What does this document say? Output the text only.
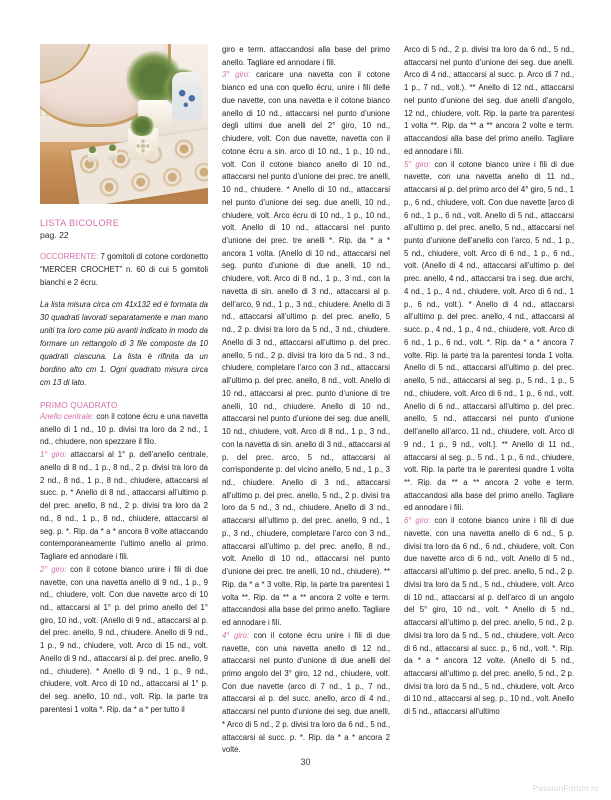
LISTA BICOLORE
pag. 22

OCCORRENTE: 7 gomitoli di cotone cordonetto “MERCER CROCHET” n. 60 di cui 5 gomitoli bianchi e 2 écru.

La lista misura circa cm 41x132 ed è formata da 30 quadrati lavorati separatamente e man mano uniti tra loro come più avanti indicato in modo da formare un rettangolo di 3 file composte da 10 quadrati ciascuna. La lista è rifinita da un bordino alto cm 1. Ogni quadrato misura circa cm 13 di lato.

PRIMO QUADRATO

Anello centrale: con il cotone écru e una navetta anello di 1 nd., 10 p. divisi tra loro da 2 nd., 1 nd., chiudere, non spezzare il filo.

1° giro: attaccarsi al 1° p. dell’anello centrale, anello di 8 nd., 1 p., 8 nd., 2 p. divisi tra loro da 2 nd., 8 nd., 1 p., 8 nd., chiudere, attaccarsi al succ. p. * Anello di 8 nd., attaccarsi all’ultimo p. del prec. anello, 8 nd., 2 p. divisi tra loro da 2 nd., 8 nd., 1 p., 8 nd., chiudere, attaccarsi al seg. p. *. Rip. da * a * ancora 8 volte attaccando contemporaneamente l’ultimo anello al primo. Tagliare ed annodare i fili.

2° giro: con il cotone bianco unire i fili di due navette, con una navetta anello di 9 nd., 1 p., 9 nd., chiudere, volt. Con due navette arco di 10 nd., attaccarsi al 1° p. del primo anello del 1° giro, 10 nd., volt. (Anello di 9 nd., attaccarsi al p. del prec. anello, 9 nd., chiudere. Anello di 9 nd., 1 p., 9 nd., chiudere, volt. Arco di 15 nd., volt. Anello di 9 nd., attaccarsi al p. del prec. anello, 9 nd., chiudere). * Anello di 9 nd., 1 p., 9 nd., chiudere, volt. Arco di 10 nd., attaccarsi al 1° p. del seg. anello, 10 nd., volt. Rip. la parte tra parentesi 1 volta *. Rip. da * a * per tutto il

giro e term. attaccandosi alla base del primo anello. Tagliare ed annodare i fili.

3° giro: caricare una navetta con il cotone bianco ed una con quello écru, unire i fili delle due navette, con una navetta e il cotone bianco anello di 10 nd., attaccarsi nel punto d’unione degli ultimi due anelli del 2° giro, 10 nd., chiudere, volt. Con due navette, navetta con il cotone écru a sin. arco di 10 nd., 1 p., 10 nd., volt. Con il cotone bianco anello di 10 nd., attaccarsi nel punto d’unione dei prec. tre anelli, 10 nd., chiudere. * Anello di 10 nd., attaccarsi nel punto d’unione dei seg. due anelli, 10 nd., chiudere, volt. Arco écru di 10 nd., 1 p., 10 nd., volt. Anello di 10 nd., attaccarsi nel punto d’unione dei prec. tre anelli *. Rip. da * a * ancora 1 volta. (Anello di 10 nd., attaccarsi nel seg. punto d’unione di due anelli, 10 nd., chiudere, volt. Arco di 8 nd., 1 p., 3 nd., con la navetta di sin. anello di 3 nd., attaccarsi al p. dell’arco, 9 nd., 1 p., 3 nd., chiudere. Anello di 3 nd., attaccarsi all’ultimo p. del prec. anello, 5 nd., 2 p. divisi tra loro da 5 nd., 3 nd., chiudere. Anello di 3 nd., attaccarsi all’ultimo p. del prec. anello, 5 nd., 2 p. divisi tra loro da 5 nd., 3 nd., chiudere, completare l’arco con 3 nd., attaccarsi all’ultimo p. del prec. anello, 8 nd., volt. Anello di 10 nd., attaccarsi al prec. punto d’unione di tre anelli, 10 nd., chiudere. Anello di 10 nd., attaccarsi nel punto d’unione dei seg. due anelli, 10 nd., chiudere, volt. Arco di 8 nd., 1 p., 3 nd., con la navetta di sin. anello di 3 nd., attaccarsi al p. del prec. arco, 5 nd., attaccarsi al corrispondente p. del vicino anello, 5 nd., 1 p., 3 nd., chiudere. Anello di 3 nd., attaccarsi all’ultimo p. del prec. anello, 5 nd., 2 p. divisi tra loro da 5 nd., 3 nd., chiudere. Anello di 3 nd., attaccarsi all’ultimo p. del prec. anello, 9 nd., 1 p., 3 nd., chiudere, completare l’arco con 3 nd., attaccarsi all’ultimo p. del prec. anello, 8 nd., volt. Anello di 10 nd., attaccarsi nel punto d’unione dei prec. tre anelli, 10 nd., chiudere). ** Rip. da * a * 3 volte. Rip. la parte tra parentesi 1 volta **. Rip. da ** a ** ancora 2 volte e term. attaccandosi alla base del primo anello. Tagliare ed annodare i fili.

4° giro: con il cotone écru unire i fili di due navette, con una navetta anello di 12 nd., attaccarsi nel punto d’unione di due anelli del primo angolo del 3° giro, 12 nd., chiudere, volt. Con due navette (arco di 7 nd., 1 p., 7 nd., attaccarsi al p. del succ. anello, arco di 4 nd., attaccarsi nel punto d’unione dei seg. due anelli, * Arco di 5 nd., 2 p. divisi tra loro da 6 nd., 5 nd., attaccarsi al succ. p. *. Rip. da * a * ancora 2 volte.

Arco di 5 nd., 2 p. divisi tra loro da 6 nd., 5 nd., attaccarsi nel punto d’unione dei seg. due anelli. Arco di 4 nd., attaccarsi al succ. p. Arco di 7 nd., 1 p., 7 nd., volt.). ** Anello di 12 nd., attaccarsi nel punto d’unione dei seg. due anelli d’angolo, 12 nd., chiudere, volt. Rip. la parte tra parentesi 1 volta **. Rip. da ** a ** ancora 2 volte e term. attaccandosi alla base del primo anello. Tagliare ed annodare i fili.

5° giro: con il cotone bianco unire i fili di due navette, con una navetta anello di 11 nd., attaccarsi al p. del primo arco del 4° giro, 5 nd., 1 p., 6 nd., chiudere, volt. Con due navette [arco di 6 nd., 1 p., 6 nd., volt. Anello di 5 nd., attaccarsi all’ultimo p. del prec. anello, 5 nd., attaccarsi nel punto d’unione dell’anello con l’arco, 5 nd., 1 p., 5 nd., chiudere, volt. Arco di 6 nd., 1 p., 6 nd., volt. (Anello di 4 nd., attaccarsi all’ultimo p. del prec. anello, 4 nd., attaccarsi tra i seg. due archi, 4 nd., 1 p., 4 nd., chiudere, volt. Arco di 6 nd., 1 p., 6 nd., volt.). * Anello di 4 nd., attaccarsi all’ultimo p. del prec. anello, 4 nd., attaccarsi al succ. p., 4 nd., 1 p., 4 nd., chiudere, volt. Arco di 6 nd., 1 p., 6 nd., volt. *. Rip. da * a * ancora 7 volte. Rip. la parte tra la parentesi tonda 1 volta. Anello di 5 nd., attaccarsi all’ultimo p. del prec. anello, 5 nd., attaccarsi al seg. p., 5 nd., 1 p., 5 nd., chiudere, volt. Arco di 6 nd., 1 p., 6 nd., volt. Anello di 6 nd., attaccarsi all’ultimo p. del prec. anello, 5 nd., attaccarsi nel punto d’unione dell’anello all’arco, 11 nd., chiudere, volt. Arco di 9 nd., 1 p., 9 nd., volt.]. ** Anello di 11 nd., attaccarsi al seg. p., 5 nd., 1 p., 6 nd., chiudere, volt. Rip. la parte tra le parentesi quadre 1 volta **. Rip. da ** a ** ancora 2 volte e term. attaccandosi alla base del primo anello. Tagliare ed annodare i fili.

6° giro: con il cotone bianco unire i fili di due navette, con una navetta anello di 6 nd., 5 p. divisi tra loro da 6 nd., 6 nd., chiudere, volt. Con due navette arco di 6 nd., volt. Anello di 5 nd., attaccarsi all’ultimo p. del prec. anello, 5 nd., 2 p. divisi tra loro da 5 nd., 5 nd., chiudere, volt. Arco di 10 nd., attaccarsi al p. dell’arco di un angolo del 5° giro, 10 nd., volt. * Anello di 5 nd., attaccarsi all’ultimo p. del prec. anello, 5 nd., 2 p. divisi tra loro da 5 nd., 5 nd., chiudere, volt. Arco di 6 nd., attaccarsi al succ. p., 6 nd., volt. *. Rip. da * a * ancora 12 volte. (Anello di 5 nd., attaccarsi all’ultimo p. del prec. anello, 5 nd., 2 p. divisi tra loro da 5 nd., 5 nd., chiudere, volt. Arco di 10 nd., attaccarsi al seg. p., 10 nd., volt. Anello di 5 nd., attaccarsi all’ultimo

30
PassionForum.ru
